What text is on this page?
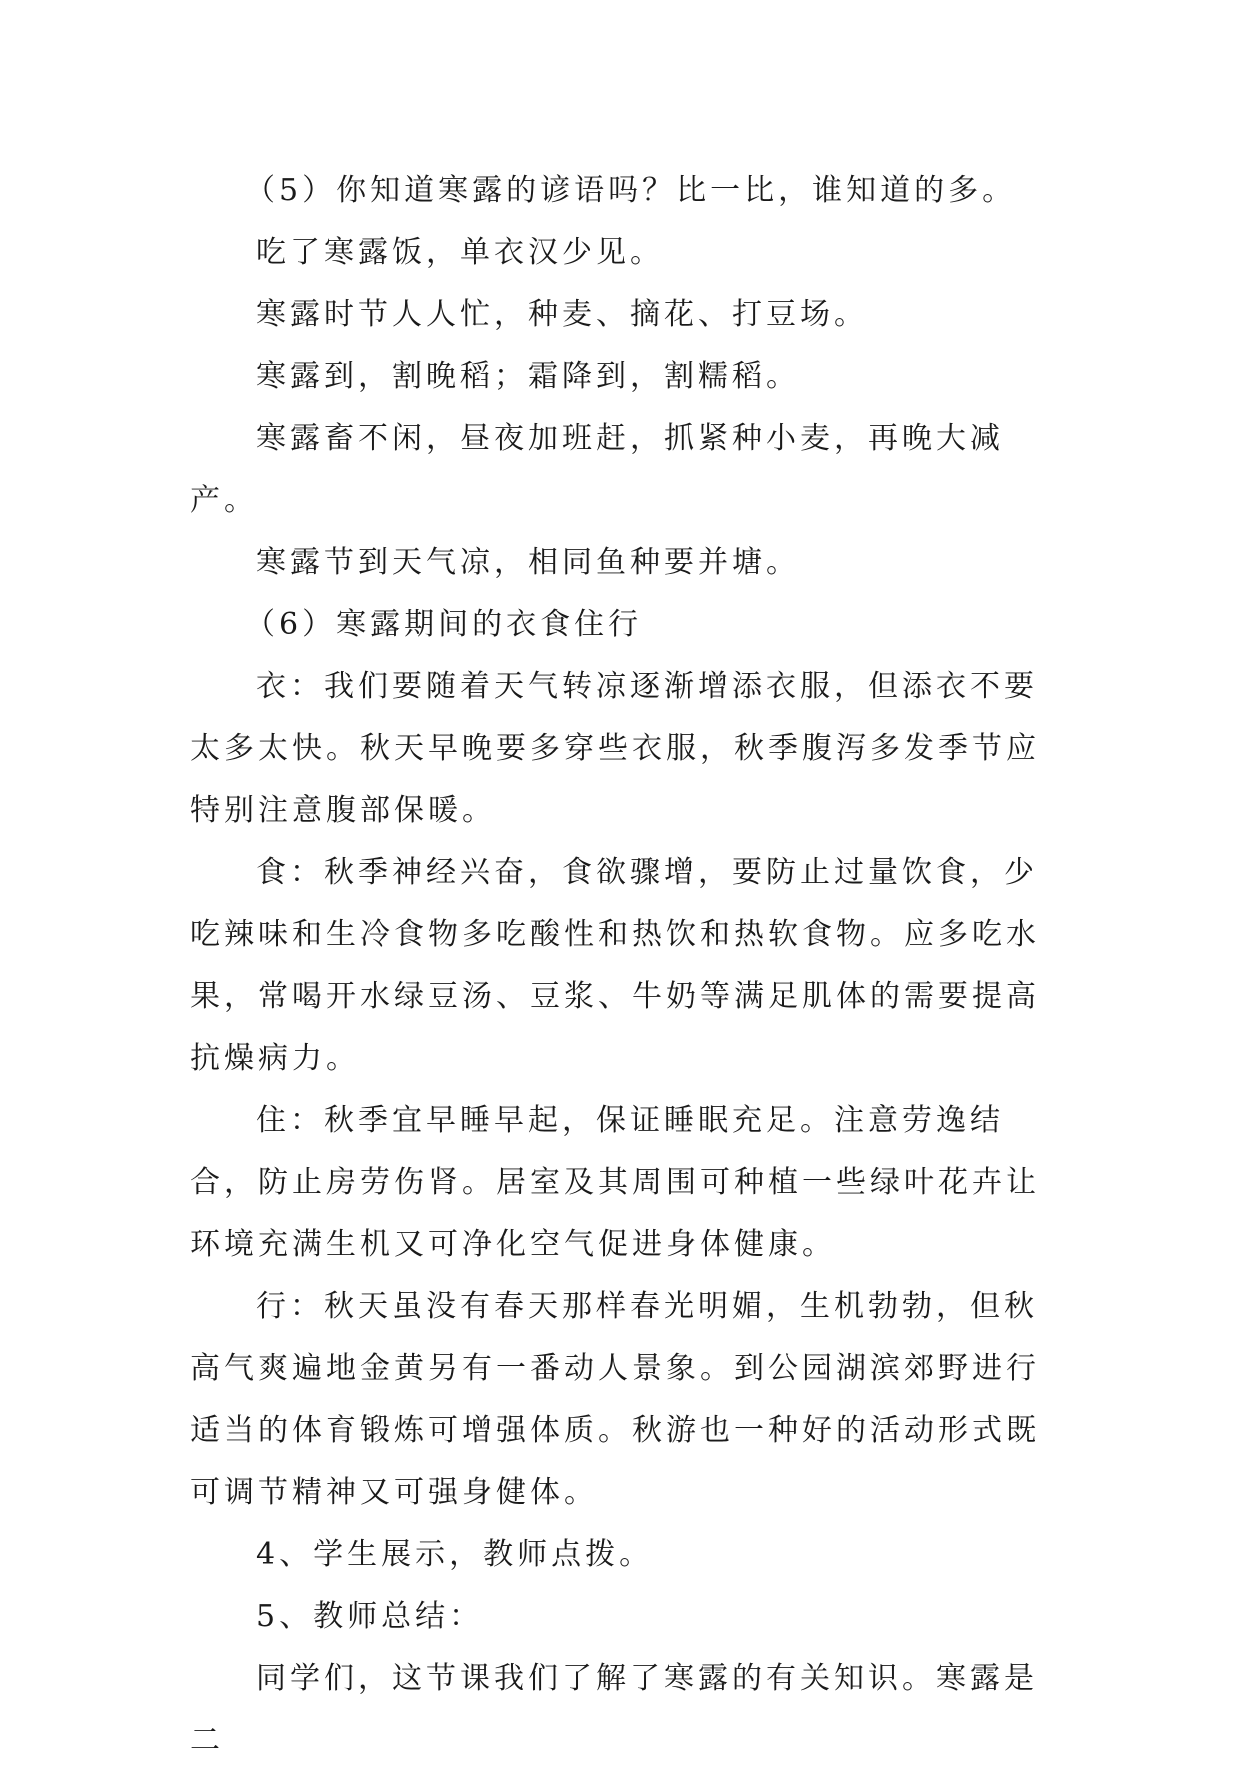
（5）你知道寒露的谚语吗？比一比，谁知道的多。

吃了寒露饭，单衣汉少见。

寒露时节人人忙，种麦、摘花、打豆场。

寒露到，割晚稻；霜降到，割糯稻。

寒露畜不闲，昼夜加班赶，抓紧种小麦，再晚大减产。

寒露节到天气凉，相同鱼种要并塘。

（6）寒露期间的衣食住行

衣：我们要随着天气转凉逐渐增添衣服，但添衣不要太多太快。秋天早晚要多穿些衣服，秋季腹泻多发季节应特别注意腹部保暖。

食：秋季神经兴奋，食欲骤增，要防止过量饮食，少吃辣味和生冷食物多吃酸性和热饮和热软食物。应多吃水果，常喝开水绿豆汤、豆浆、牛奶等满足肌体的需要提高抗燥病力。

住：秋季宜早睡早起，保证睡眠充足。注意劳逸结合，防止房劳伤肾。居室及其周围可种植一些绿叶花卉让环境充满生机又可净化空气促进身体健康。

行：秋天虽没有春天那样春光明媚，生机勃勃，但秋高气爽遍地金黄另有一番动人景象。到公园湖滨郊野进行适当的体育锻炼可增强体质。秋游也一种好的活动形式既可调节精神又可强身健体。

4、学生展示，教师点拨。

5、教师总结：

同学们，这节课我们了解了寒露的有关知识。寒露是二
